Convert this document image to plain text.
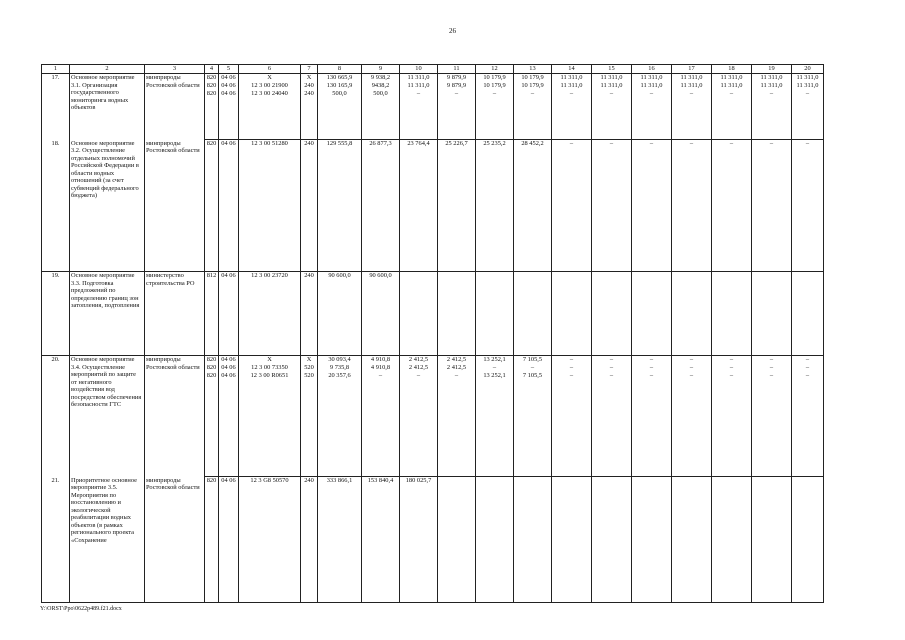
26
1	2	3	4	5	6	7	8	9	10	11	12	13	14	15	16	17	18	19	20
17.	Основное мероприятие 3.1. Организация государственного мониторинга водных объектов	минприроды Ростовской области	820	04 06	Х	Х	130 665,9	9 938,2	11 311,0	9 879,9	10 179,9	10 179,9	11 311,0	11 311,0	11 311,0	11 311,0	11 311,0	11 311,0	11 311,0
			820	04 06	12 3 00 21900	240	130 165,9	9438,2	11 311,0	9 879,9	10 179,9	10 179,9	11 311,0	11 311,0	11 311,0	11 311,0	11 311,0	11 311,0	11 311,0
			820	04 06	12 3 00 24040	240	500,0	500,0	–	–	–	–	–	–	–	–	–	–	–
18.	Основное мероприятие 3.2. Осуществление отдельных полномочий Российской Федерации в области водных отношений (за счет субвенций федерального бюджета)	минприроды Ростовской области	820	04 06	12 3 00 51280	240	129 555,8	26 877,3	23 764,4	25 226,7	25 235,2	28 452,2	–	–	–	–	–	–	–
19.	Основное мероприятие 3.3. Подготовка предложений по определению границ зон затопления, подтопления	министерство строительства РО	812	04 06	12 3 00 23720	240	90 600,0	90 600,0											
20.	Основное мероприятие 3.4. Осуществление мероприятий по защите от негативного воздействия вод посредством обеспечения безопасности ГТС	минприроды Ростовской области	820	04 06	Х	Х	30 093,4	4 910,8	2 412,5	2 412,5	13 252,1	7 105,5	–	–	–	–	–	–	–
			820	04 06	12 3 00 73350	520	9 735,8	4 910,8	2 412,5	2 412,5	–	–	–	–	–	–	–	–	–
			820	04 06	12 3 00 R0651	520	20 357,6	–	–	–	13 252,1	7 105,5	–	–	–	–	–	–	–
21.	Приоритетное основное мероприятие 3.5. Мероприятия по восстановлению и экологической реабилитации водных объектов (в рамках регионального проекта «Сохранение	минприроды Ростовской области	820	04 06	12 3 G8 50570	240	333 866,1	153 840,4	180 025,7										
Y:\ORST\Ppo\0622p489.f21.docx
